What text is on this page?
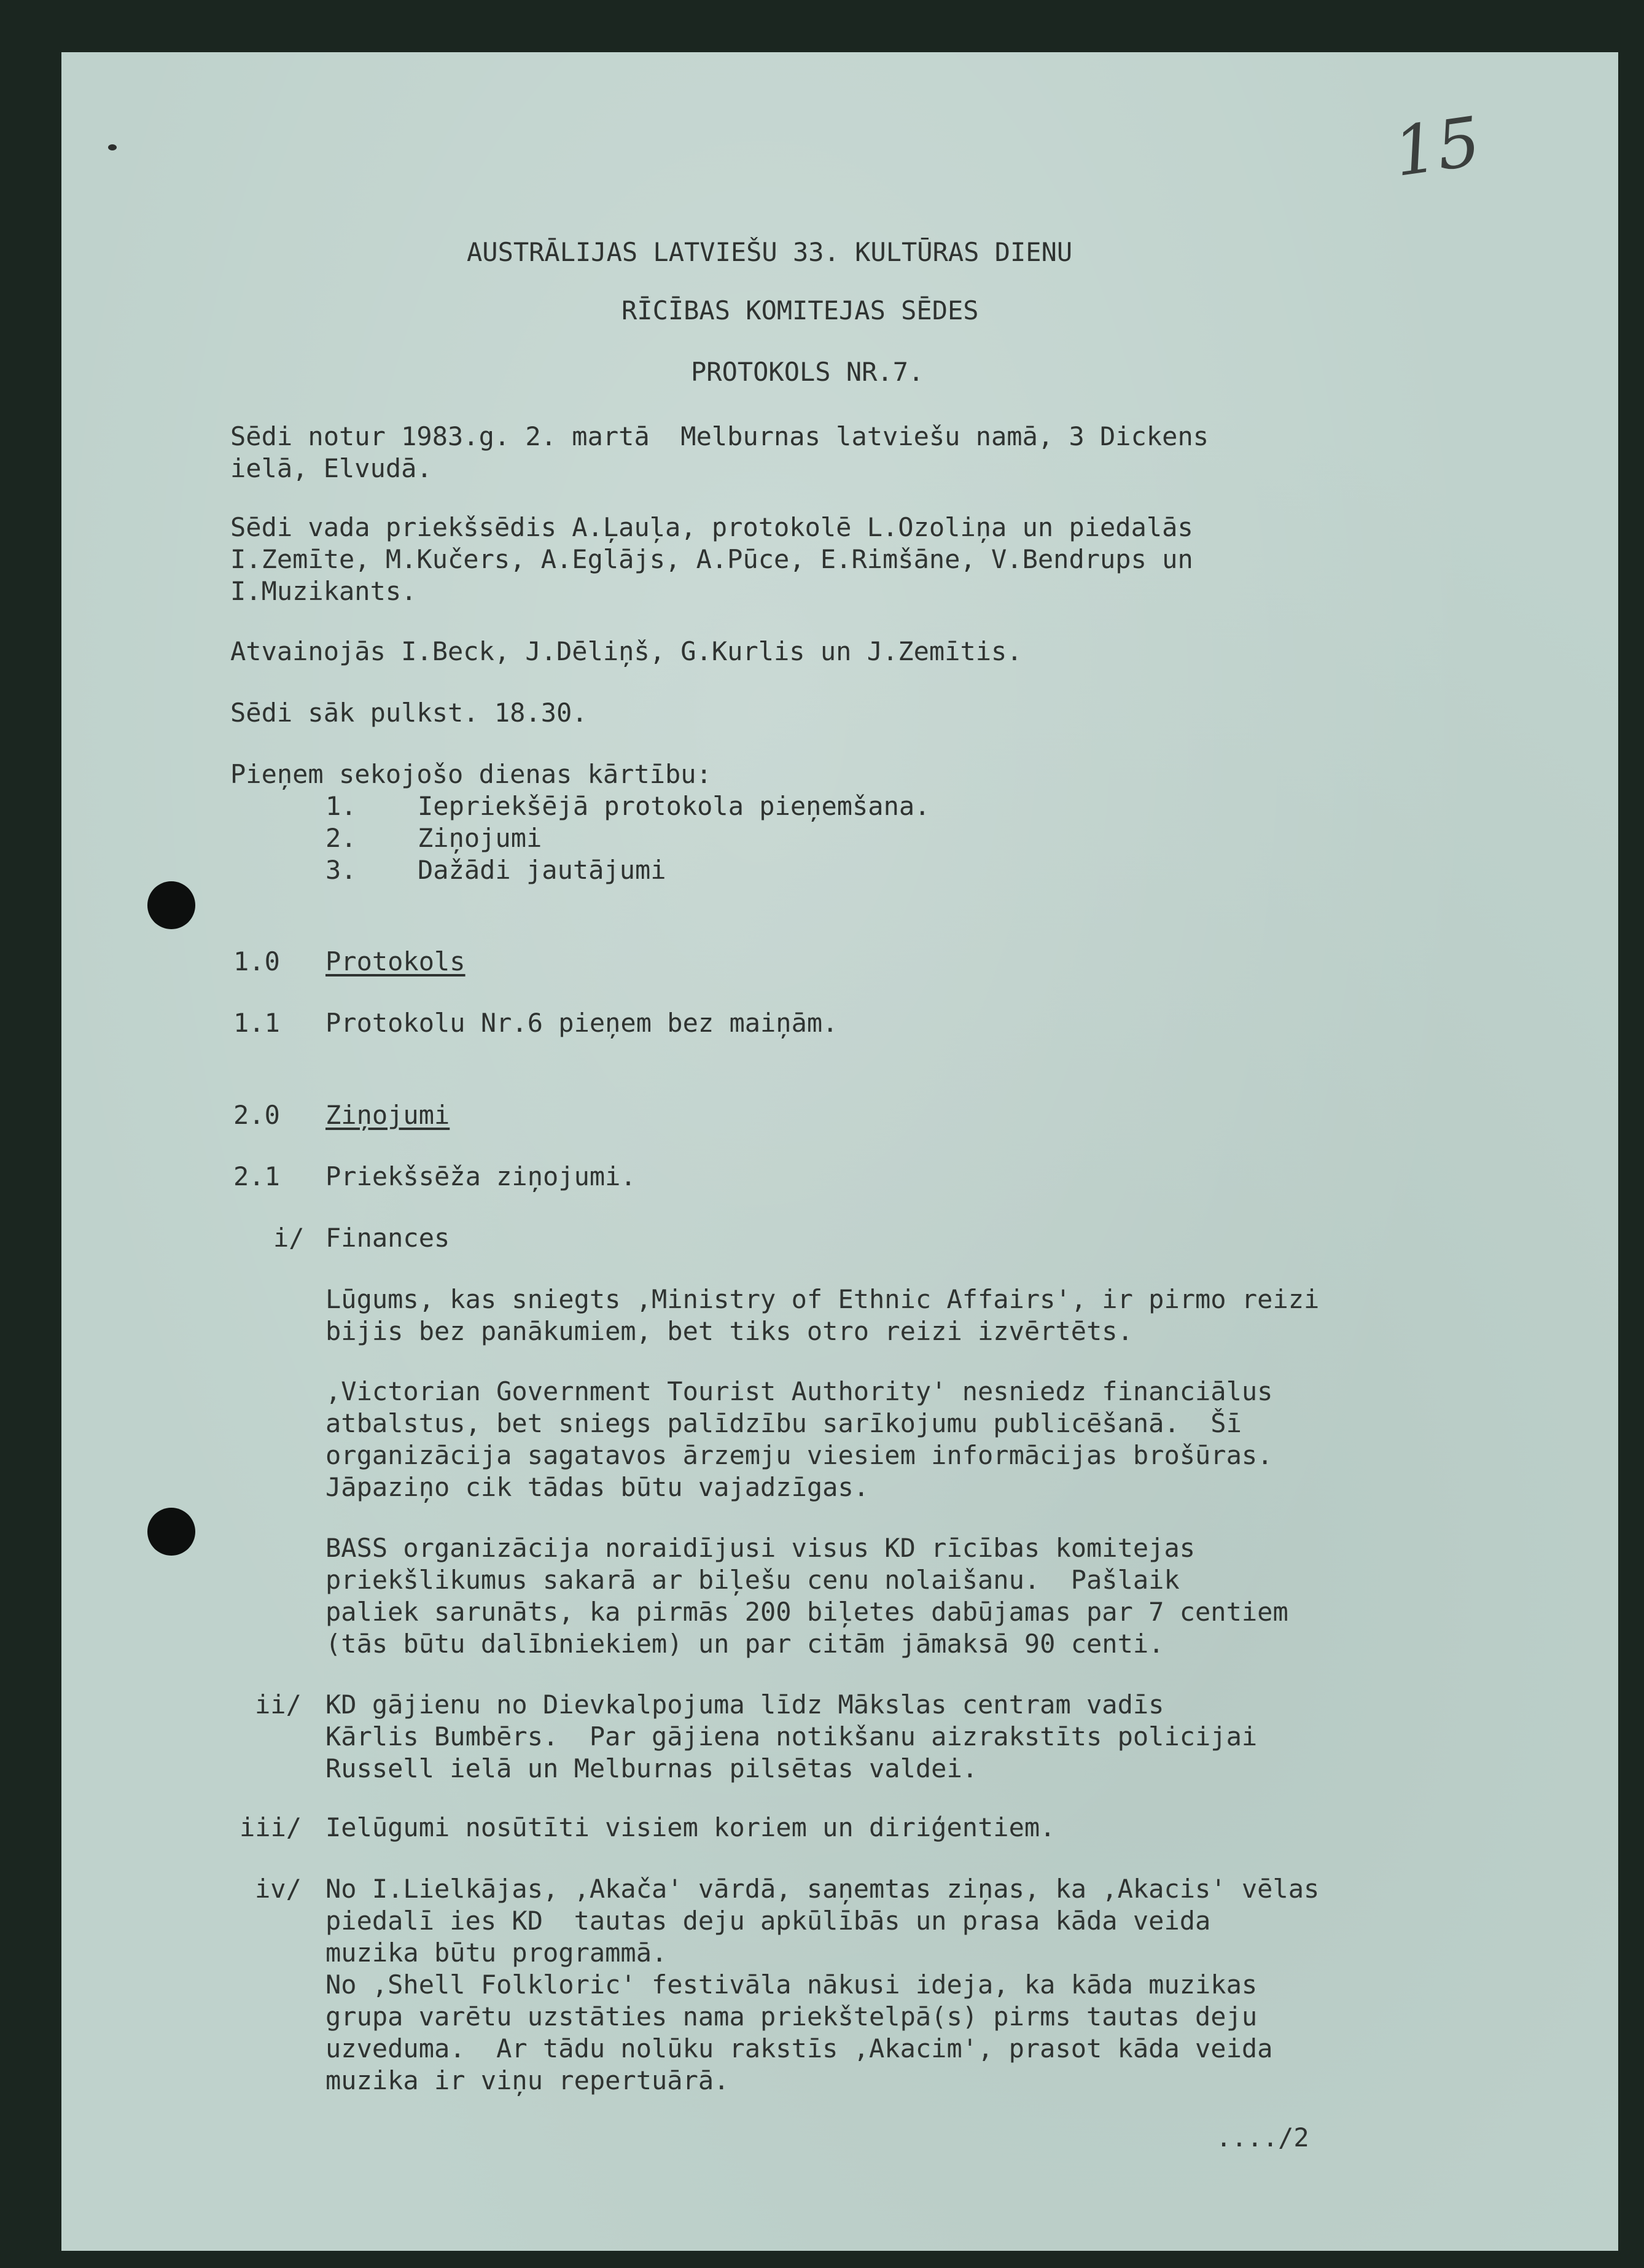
15
AUSTRĀLIJAS LATVIEŠU 33. KULTŪRAS DIENU
RĪCĪBAS KOMITEJAS SĒDES
PROTOKOLS NR.7.
Sēdi notur 1983.g. 2. martā  Melburnas latviešu namā, 3 Dickens
ielā, Elvudā.
Sēdi vada priekšsēdis A.Ļauļa, protokolē L.Ozoliņa un piedalās
I.Zemīte, M.Kučers, A.Eglājs, A.Pūce, E.Rimšāne, V.Bendrups un
I.Muzikants.
Atvainojās I.Beck, J.Dēliņš, G.Kurlis un J.Zemītis.
Sēdi sāk pulkst. 18.30.
Pieņem sekojošo dienas kārtību:
1. Iepriekšējā protokola pieņemšana.
2. Ziņojumi
3. Dažādi jautājumi
1.0 Protokols
1.1 Protokolu Nr.6 pieņem bez maiņām.
2.0 Ziņojumi
2.1 Priekšsēža ziņojumi.
i/ Finances
Lūgums, kas sniegts ,Ministry of Ethnic Affairs', ir pirmo reizi
bijis bez panākumiem, bet tiks otro reizi izvērtēts.
,Victorian Government Tourist Authority' nesniedz financiālus
atbalstus, bet sniegs palīdzību sarīkojumu publicēšanā.  Šī
organizācija sagatavos ārzemju viesiem informācijas brošūras.
Jāpaziņo cik tādas būtu vajadzīgas.
BASS organizācija noraidījusi visus KD rīcības komitejas
priekšlikumus sakarā ar biļešu cenu nolaišanu.  Pašlaik
paliek sarunāts, ka pirmās 200 biļetes dabūjamas par 7 centiem
(tās būtu dalībniekiem) un par citām jāmaksā 90 centi.
ii/ KD gājienu no Dievkalpojuma līdz Mākslas centram vadīs
Kārlis Bumbērs.  Par gājiena notikšanu aizrakstīts policijai
Russell ielā un Melburnas pilsētas valdei.
iii/ Ielūgumi nosūtīti visiem koriem un diriģentiem.
iv/ No I.Lielkājas, ,Akača' vārdā, saņemtas ziņas, ka ,Akacis' vēlas
piedalī ies KD  tautas deju apkūlībās un prasa kāda veida
muzika būtu programmā.
No ,Shell Folkloric' festivāla nākusi ideja, ka kāda muzikas
grupa varētu uzstāties nama priekštelpā(s) pirms tautas deju
uzveduma.  Ar tādu nolūku rakstīs ,Akacim', prasot kāda veida
muzika ir viņu repertuārā.
..../2
